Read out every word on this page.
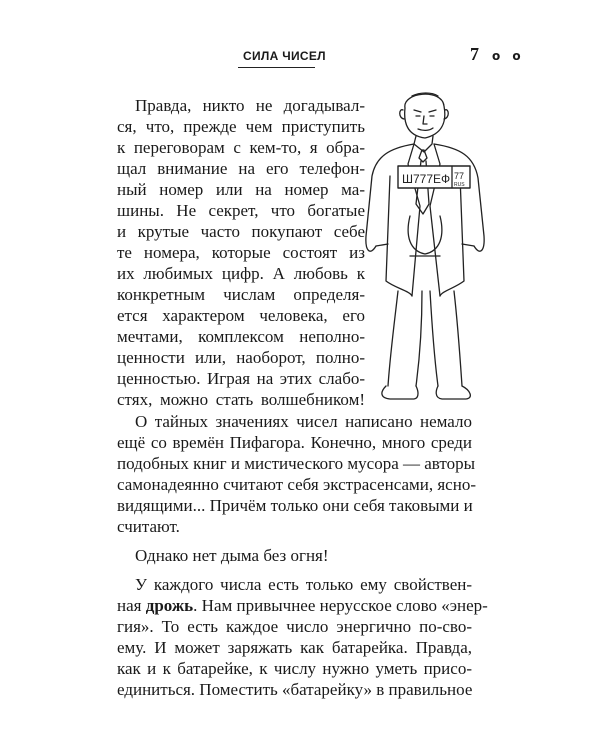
СИЛА ЧИСЕЛ	7 o o
Ш777ЕФ 77
RUS
Правда, никто не догадывал-
ся, что, прежде чем приступить
к переговорам с кем-то, я обра-
щал внимание на его телефон-
ный номер или на номер ма-
шины. Не секрет, что богатые
и крутые часто покупают себе
те номера, которые состоят из
их любимых цифр. А любовь к
конкретным числам определя-
ется характером человека, его
мечтами, комплексом неполно-
ценности или, наоборот, полно-
ценностью. Играя на этих слабо-
стях, можно стать волшебником!
О тайных значениях чисел написано немало
ещё со времён Пифагора. Конечно, много среди
подобных книг и мистического мусора — авторы
самонадеянно считают себя экстрасенсами, ясно-
видящими... Причём только они себя таковыми и
считают.
Однако нет дыма без огня!
У каждого числа есть только ему свойствен-
ная дрожь. Нам привычнее нерусское слово «энер-
гия». То есть каждое число энергично по-сво-
ему. И может заряжать как батарейка. Правда,
как и к батарейке, к числу нужно уметь присо-
единиться. Поместить «батарейку» в правильное
